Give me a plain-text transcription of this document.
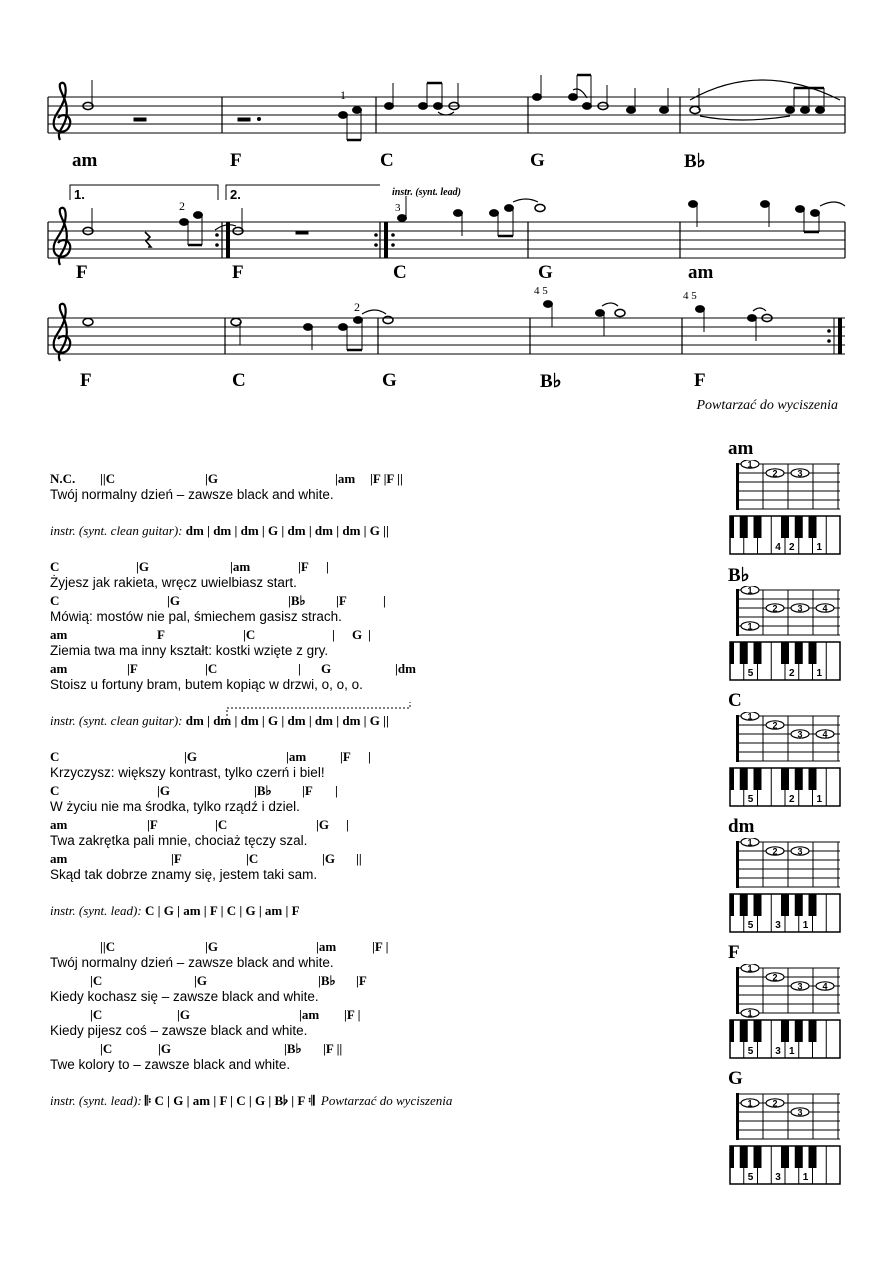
1
1.	2.
2
instr. (synt. lead)
3
2
4 5	4 5
am	F	C	G	B♭
F	F	C	G	am
F	C	G	B♭	F
Powtarzać do wyciszenia
N.C. ||C	|G	|am |F |F ||
Twój normalny dzień – zawsze black and white.
instr. (synt. clean guitar): dm | dm | dm | G | dm | dm | dm | G ||
C	|G	|am	|F |
Żyjesz jak rakieta, wręcz uwielbiasz start.
C	|G	|B♭ |F	|
Mówią: mostów nie pal, śmiechem gasisz strach.
am	F	|C	| G |
Ziemia twa ma inny kształt: kostki wzięte z gry.
am	|F	|C	| G	|dm
Stoisz u fortuny bram, butem kopiąc w drzwi, o, o, o.
instr. (synt. clean guitar): dm | dm | dm | G | dm | dm | dm | G ||
C	|G	|am	|F |
Krzyczysz: większy kontrast, tylko czerń i biel!
C	|G	|B♭ |F |
W życiu nie ma środka, tylko rządź i dziel.
am	|F	|C	|G |
Twa zakrętka pali mnie, chociaż tęczy szal.
am	|F	|C	|G ||
Skąd tak dobrze znamy się, jestem taki sam.
instr. (synt. lead): C | G | am | F | C | G | am | F
||C	|G	|am	|F |
Twój normalny dzień – zawsze black and white.
|C	|G	|B♭ |F
Kiedy kochasz się – zawsze black and white.
|C	|G	|am |F |
Kiedy pijesz coś – zawsze black and white.
|C	|G	|B♭ |F ||
Twe kolory to – zawsze black and white.
instr. (synt. lead): 𝄆 C | G | am | F | C | G | B♭ | F 𝄇  Powtarzać do wyciszenia
am
1
2 3
4 2 1
B♭
1
4
3
2
1
5	2 1
C
1
2
3 4
5	2 1
dm
1
2 3
5 3 1
F
1
2
4
3
1
5 3 1
G
3
1 2
5 3 1
